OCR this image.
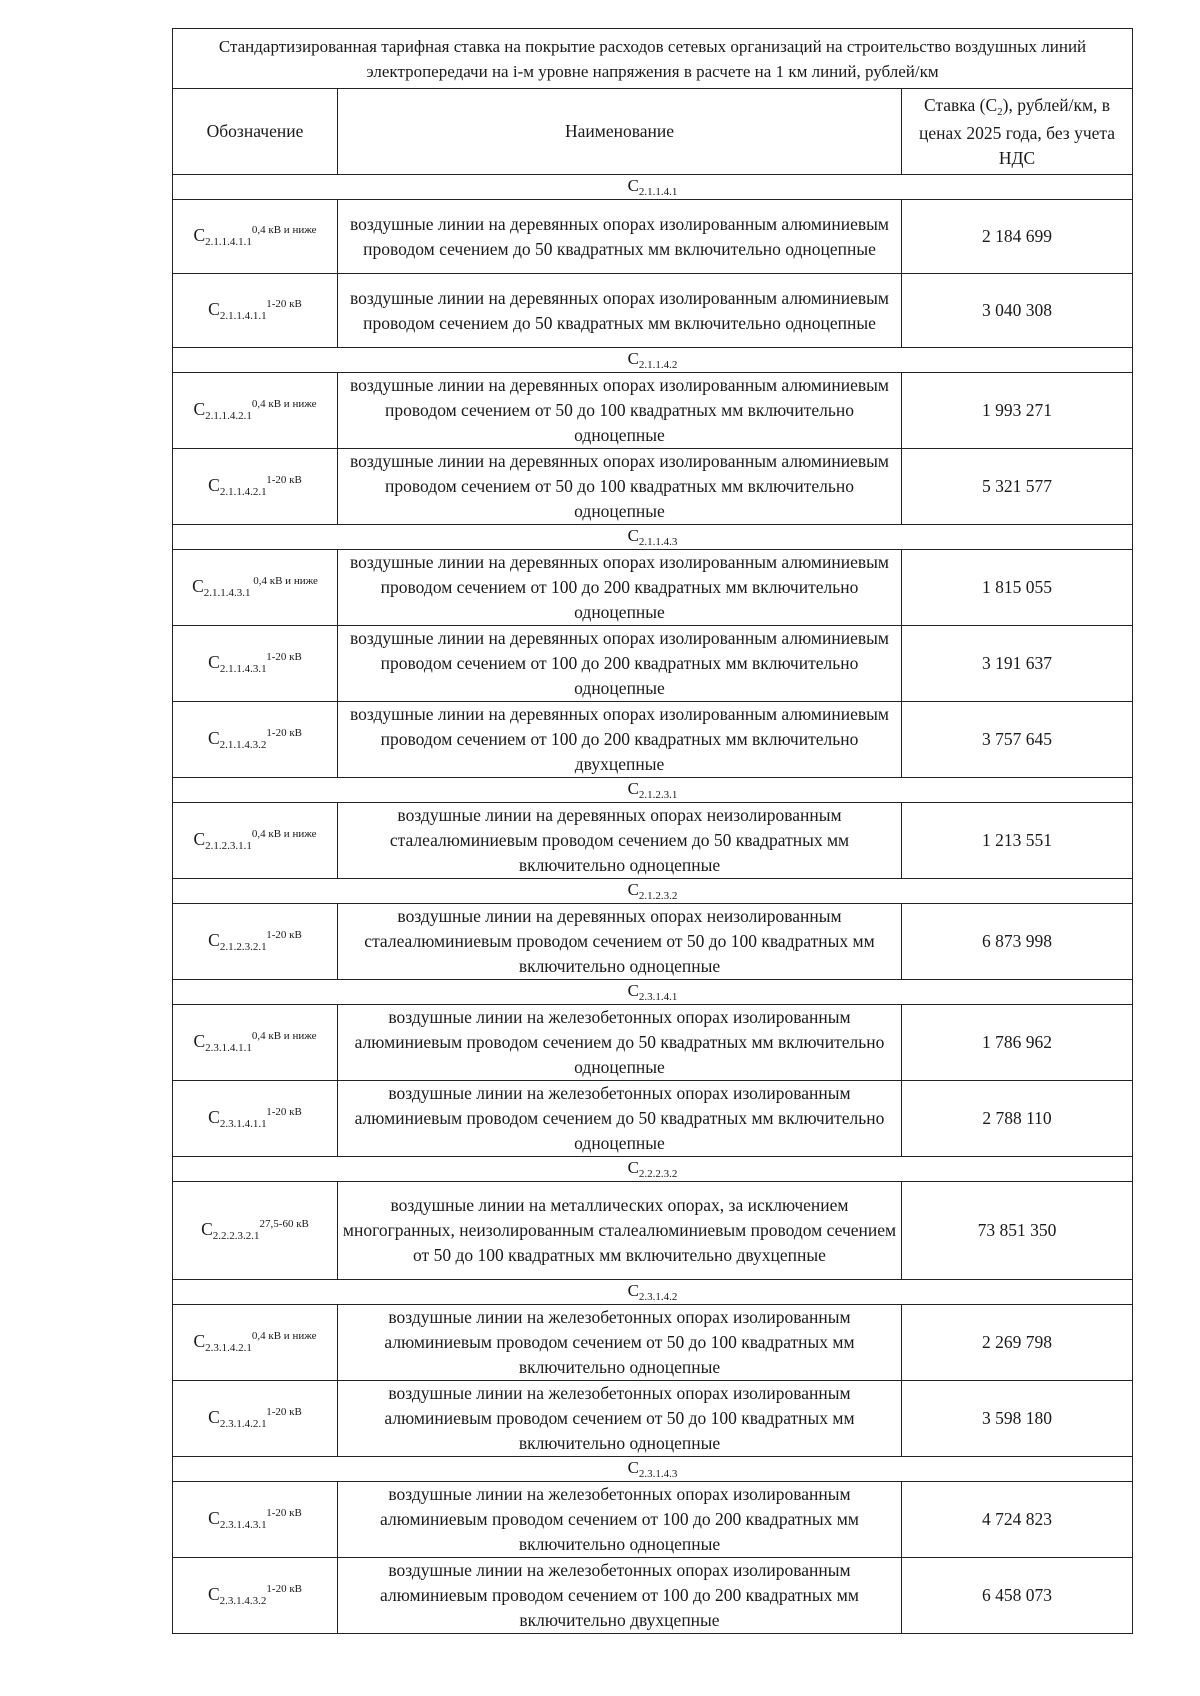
Стандартизированная тарифная ставка на покрытие расходов сетевых организаций на строительство воздушных линий электропередачи на i-м уровне напряжения в расчете на 1 км линий, рублей/км		
Обозначение	Наименование	Ставка $(С_2)$, рублей/км, в ценах 2025 года, без учета НДС
$С_{2.1.1.4.1}$
$С_{2.1.1.4.1.1}^{0,4 кВ и ниже}$	воздушные линии на деревянных опорах изолированным алюминиевым проводом сечением до 50 квадратных мм включительно одноцепные	2 184 699
$С_{2.1.1.4.1.1}^{1-20 кВ}$	воздушные линии на деревянных опорах изолированным алюминиевым проводом сечением до 50 квадратных мм включительно одноцепные	3 040 308
$С_{2.1.1.4.2}$
$С_{2.1.1.4.2.1}^{0,4 кВ и ниже}$	воздушные линии на деревянных опорах изолированным алюминиевым проводом сечением от 50 до 100 квадратных мм включительно одноцепные	1 993 271
$С_{2.1.1.4.2.1}^{1-20 кВ}$	воздушные линии на деревянных опорах изолированным алюминиевым проводом сечением от 50 до 100 квадратных мм включительно одноцепные	5 321 577
$С_{2.1.1.4.3}$
$С_{2.1.1.4.3.1}$ $^{0,4 кВ и ниже}$	воздушные линии на деревянных опорах изолированным алюминиевым проводом сечением от 100 до 200 квадратных мм включительно одноцепные	1 815 055
$С_{2.1.1.4.3.1}^{1-20 кВ}$	воздушные линии на деревянных опорах изолированным алюминиевым проводом сечением от 100 до 200 квадратных мм включительно одноцепные	3 191 637
$С_{2.1.1.4.3.2}^{1-20 кВ}$	воздушные линии на деревянных опорах изолированным алюминиевым проводом сечением от 100 до 200 квадратных мм включительно двухцепные	3 757 645
$С_{2.1.2.3.1}$
$С_{2.1.2.3.1.1}^{0,4 кВ и ниже}$	воздушные линии на деревянных опорах неизолированным сталеалюминиевым проводом сечением до 50 квадратных мм включительно одноцепные	1 213 551
$С_{2.1.2.3.2}$
$С_{2.1.2.3.2.1}^{1-20 кВ}$	воздушные линии на деревянных опорах неизолированным сталеалюминиевым проводом сечением от 50 до 100 квадратных мм включительно одноцепные	6 873 998
$С_{2.3.1.4.1}$
$С_{2.3.1.4.1.1}^{0,4 кВ и ниже}$	воздушные линии на железобетонных опорах изолированным алюминиевым проводом сечением до 50 квадратных мм включительно одноцепные	1 786 962
$С_{2.3.1.4.1.1}^{1-20 кВ}$	воздушные линии на железобетонных опорах изолированным алюминиевым проводом сечением до 50 квадратных мм включительно одноцепные	2 788 110
$С_{2.2.2.3.2}$
$С_{2.2.2.3.2.1}^{27,5-60 кВ}$	воздушные линии на металлических опорах, за исключением многогранных, неизолированным сталеалюминиевым проводом сечением от 50 до 100 квадратных мм включительно двухцепные	73 851 350
$С_{2.3.1.4.2}$
$С_{2.3.1.4.2.1}^{0,4 кВ и ниже}$	воздушные линии на железобетонных опорах изолированным алюминиевым проводом сечением от 50 до 100 квадратных мм включительно одноцепные	2 269 798
$С_{2.3.1.4.2.1}^{1-20 кВ}$	воздушные линии на железобетонных опорах изолированным алюминиевым проводом сечением от 50 до 100 квадратных мм включительно одноцепные	3 598 180
$С_{2.3.1.4.3}$
$С_{2.3.1.4.3.1}^{1-20 кВ}$	воздушные линии на железобетонных опорах изолированным алюминиевым проводом сечением от 100 до 200 квадратных мм включительно одноцепные	4 724 823
$С_{2.3.1.4.3.2}^{1-20 кВ}$	воздушные линии на железобетонных опорах изолированным алюминиевым проводом сечением от 100 до 200 квадратных мм включительно двухцепные	6 458 073
